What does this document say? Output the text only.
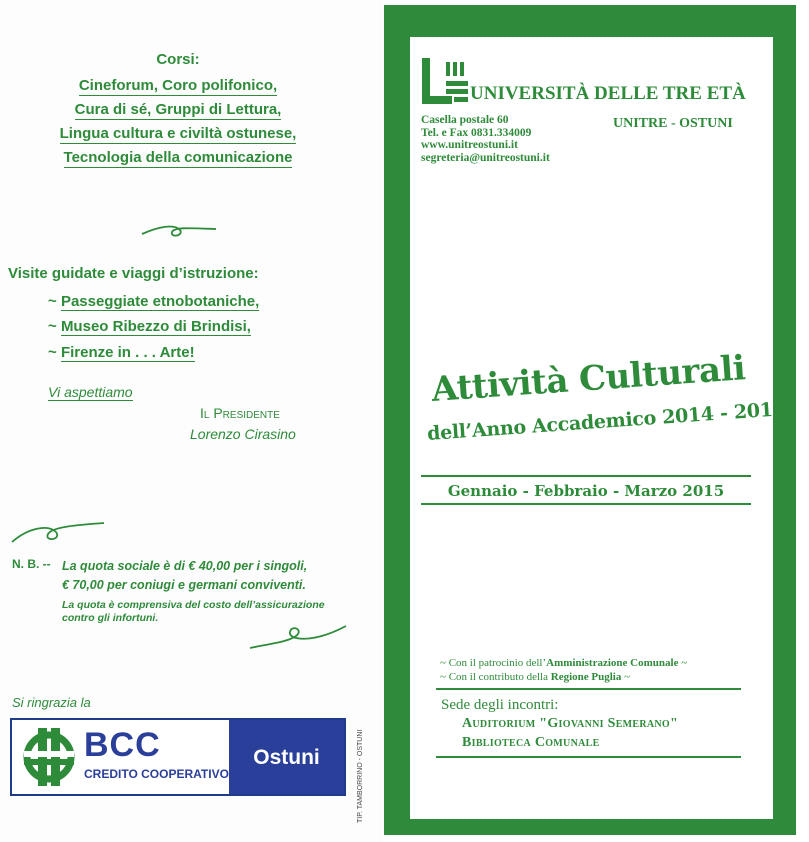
Corsi:
Cineforum, Coro polifonico,
Cura di sé, Gruppi di Lettura,
Lingua cultura e civiltà ostunese,
Tecnologia della comunicazione
Visite guidate e viaggi d’istruzione:
~ Passeggiate etnobotaniche,
~ Museo Ribezzo di Brindisi,
~ Firenze in . . . Arte!
Vi aspettiamo
Il Presidente
Lorenzo Cirasino
N. B. -- La quota sociale è di € 40,00 per i singoli,
€ 70,00 per coniugi e germani conviventi.
La quota è comprensiva del costo dell’assicurazione
contro gli infortuni.
Si ringrazia la
BCC
CREDITO COOPERATIVO
Ostuni	TIP. TAMBORRINO - OSTUNI
UNIVERSITÀ DELLE TRE ETÀ
Casella postale 60
Tel. e Fax 0831.334009
www.unitreostuni.it
segreteria@unitreostuni.it
UNITRE - OSTUNI
Attività Culturali
dell’Anno Accademico 2014 - 2015
Gennaio - Febbraio - Marzo 2015
~ Con il patrocinio dell’Amministrazione Comunale ~
~ Con il contributo della Regione Puglia ~
Sede degli incontri:
Auditorium "Giovanni Semerano"
Biblioteca Comunale
